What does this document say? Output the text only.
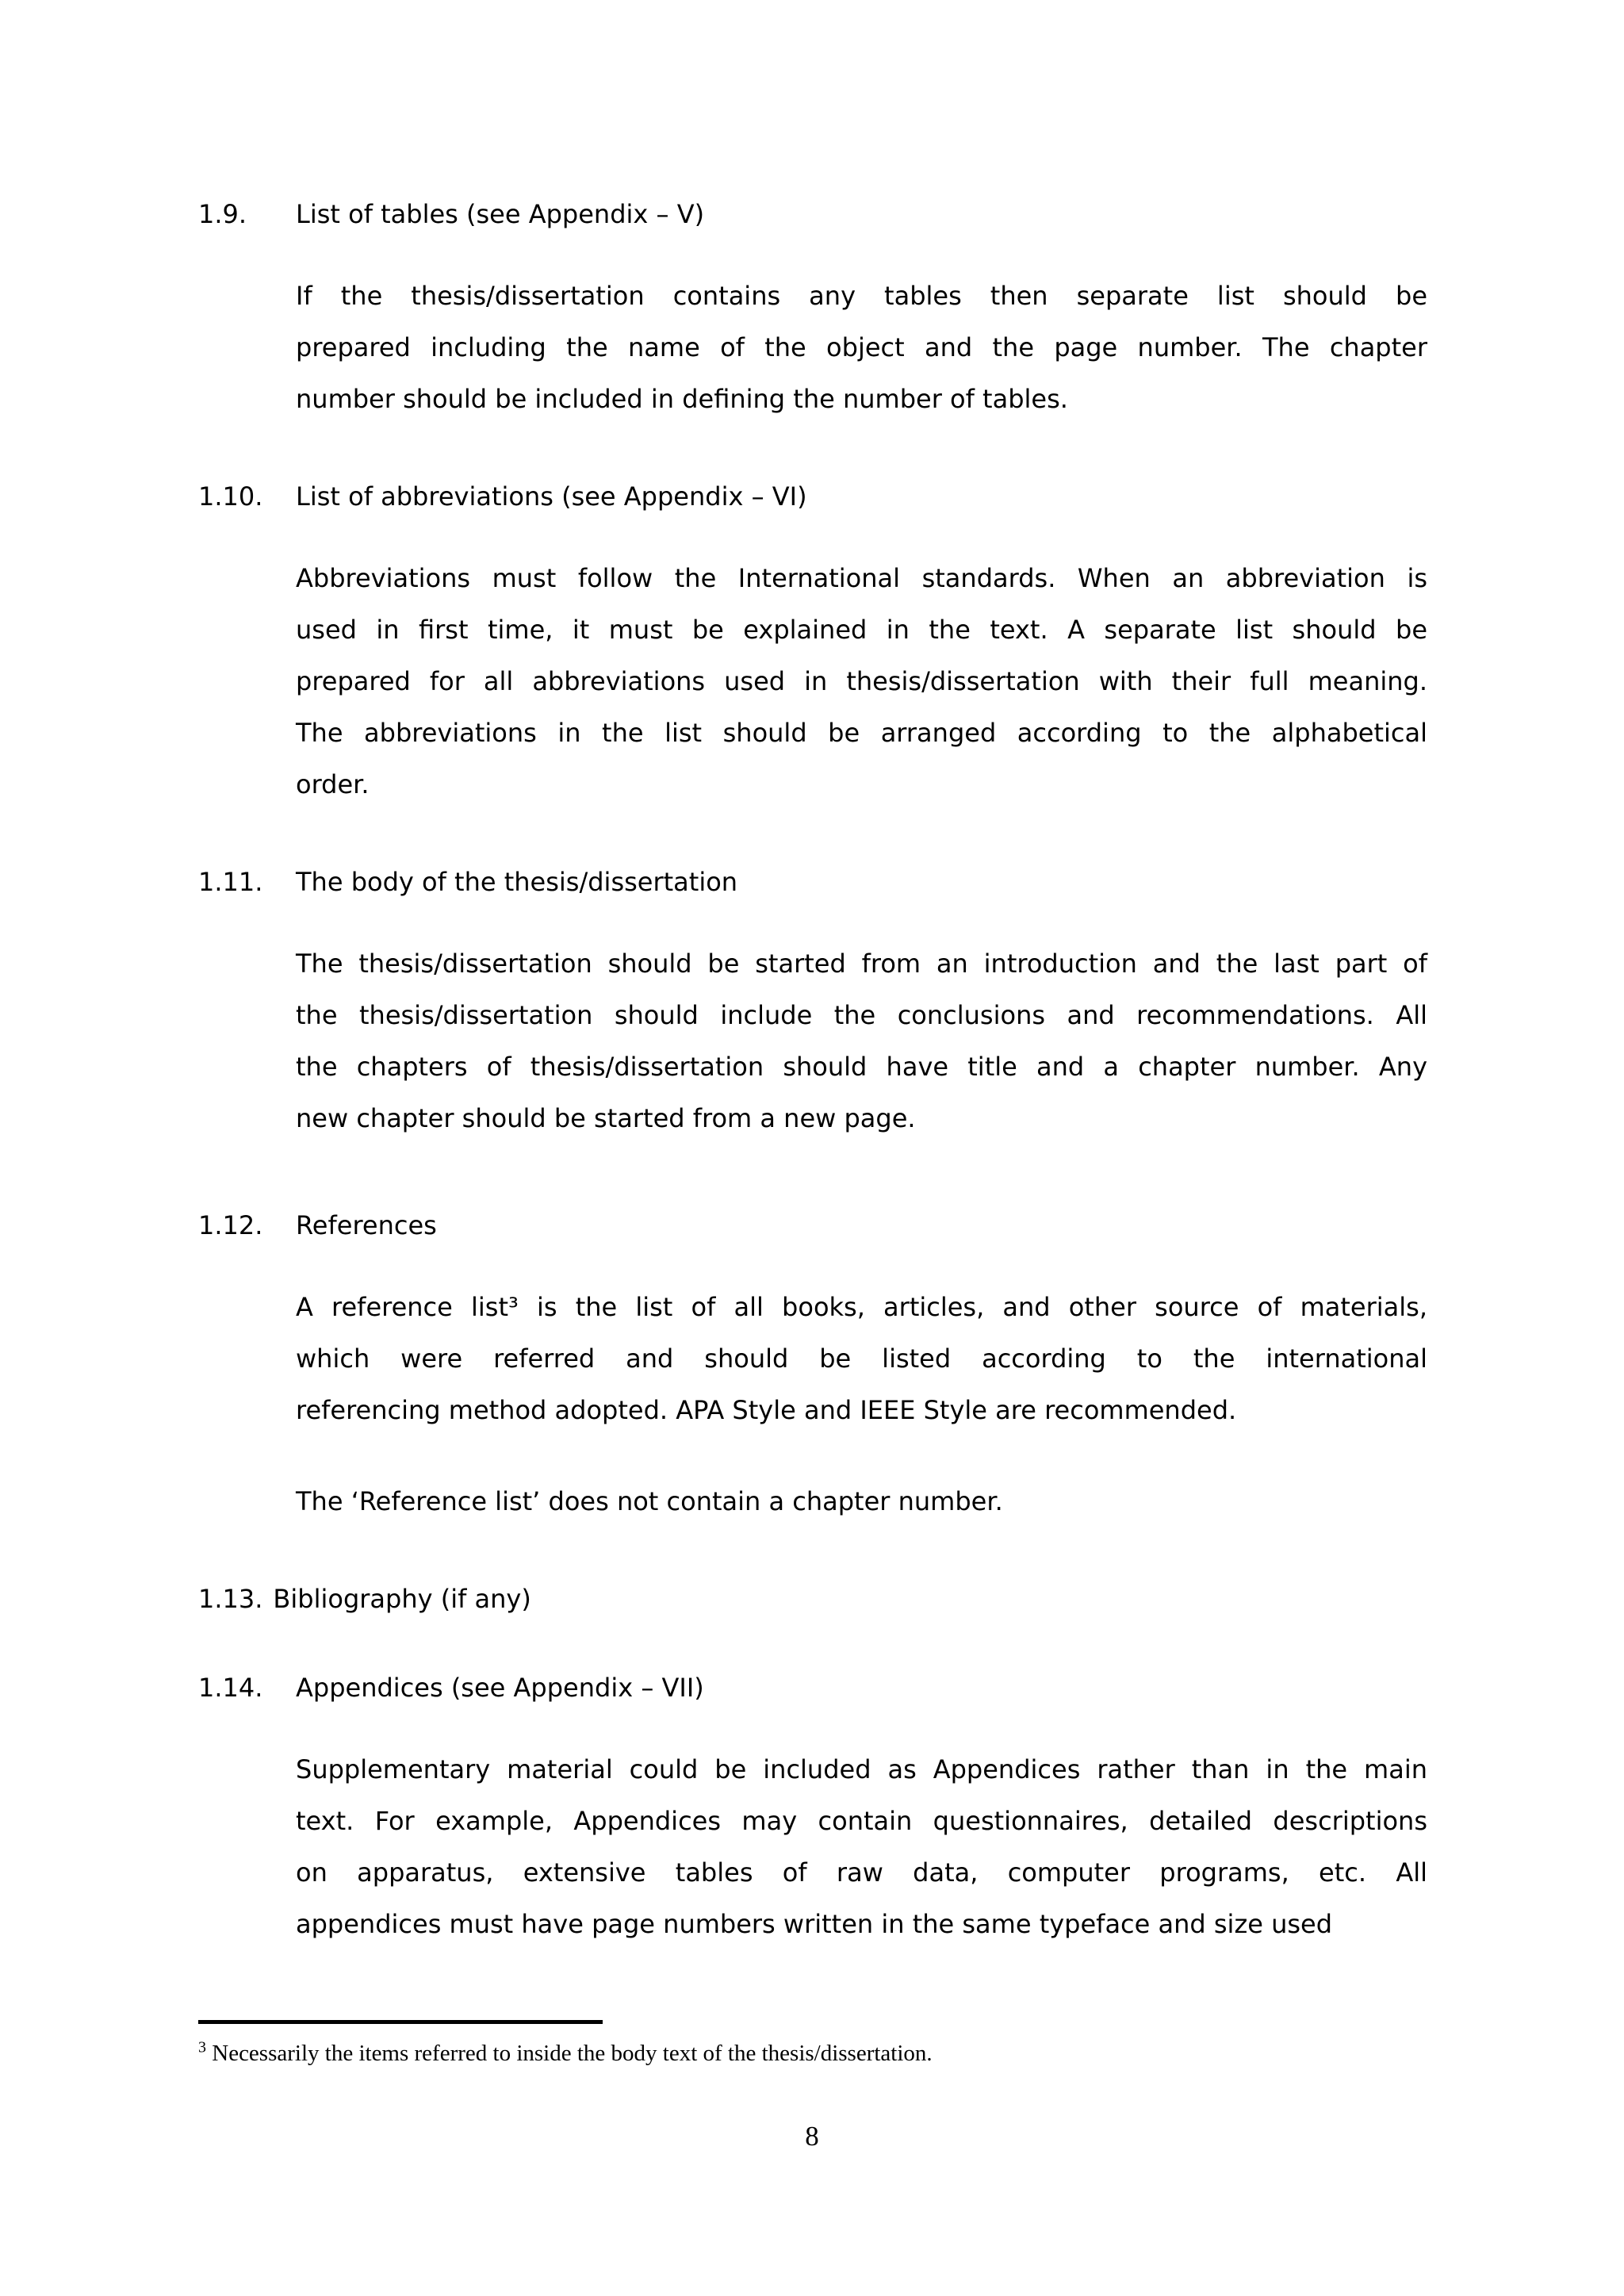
1.9.	List of tables (see Appendix – V)
If the thesis/dissertation contains any tables then separate list should be
prepared including the name of the object and the page number. The chapter
number should be included in defining the number of tables.
1.10.	List of abbreviations (see Appendix – VI)
Abbreviations must follow the International standards. When an abbreviation is
used in first time, it must be explained in the text. A separate list should be
prepared for all abbreviations used in thesis/dissertation with their full meaning.
The abbreviations in the list should be arranged according to the alphabetical
order.
1.11.	The body of the thesis/dissertation
The thesis/dissertation should be started from an introduction and the last part of
the thesis/dissertation should include the conclusions and recommendations. All
the chapters of thesis/dissertation should have title and a chapter number. Any
new chapter should be started from a new page.
1.12.	References
A reference list³ is the list of all books, articles, and other source of materials,
which were referred and should be listed according to the international
referencing method adopted. APA Style and IEEE Style are recommended.
The ‘Reference list’ does not contain a chapter number.
1.13. Bibliography (if any)
1.14.	Appendices (see Appendix – VII)
Supplementary material could be included as Appendices rather than in the main
text. For example, Appendices may contain questionnaires, detailed descriptions
on apparatus, extensive tables of raw data, computer programs, etc. All
appendices must have page numbers written in the same typeface and size used
$^3$ Necessarily the items referred to inside the body text of the thesis/dissertation.
8
